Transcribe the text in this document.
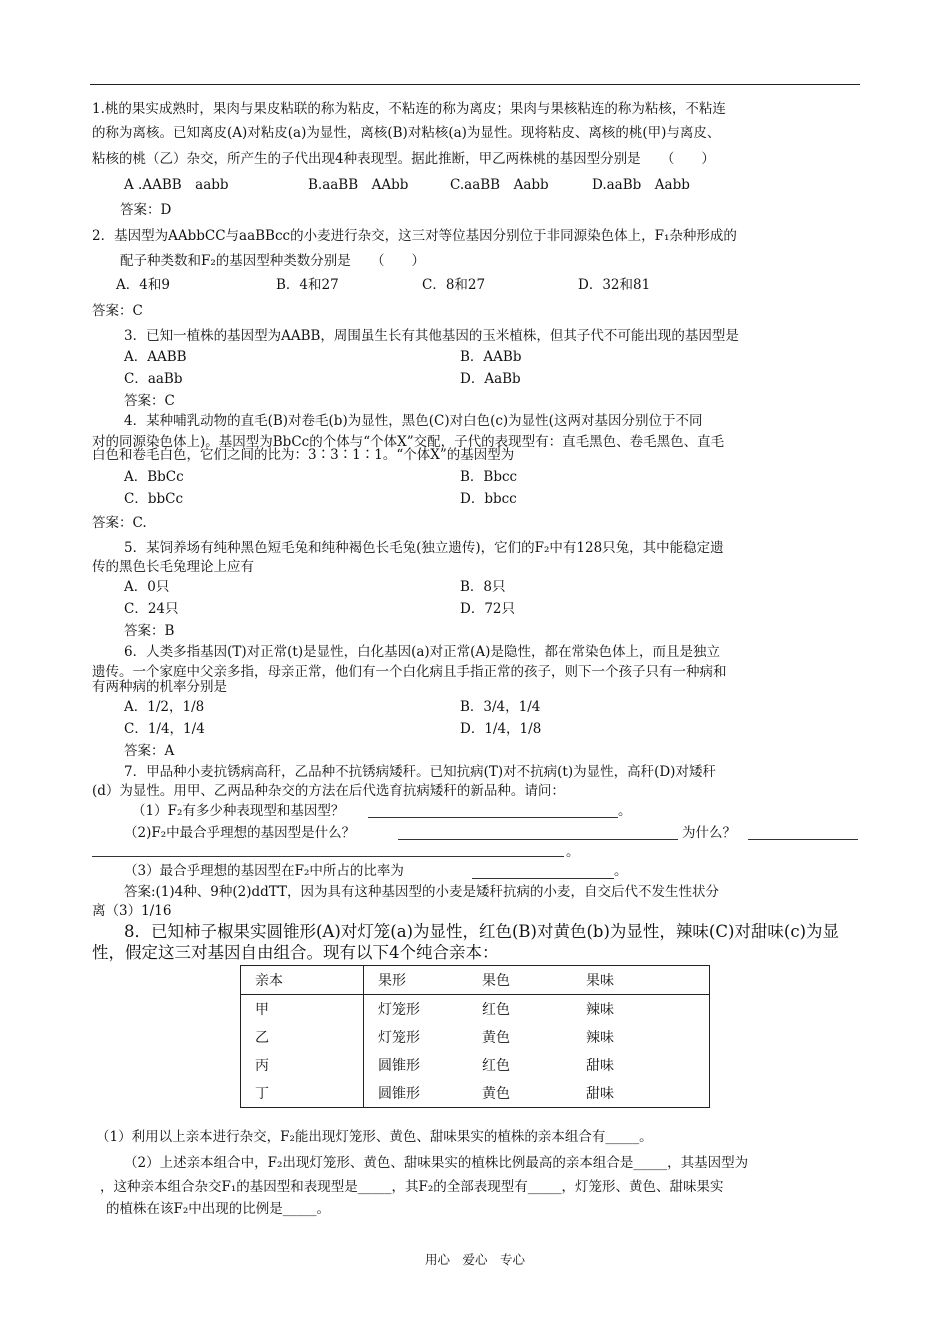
1.桃的果实成熟时，果肉与果皮粘联的称为粘皮，不粘连的称为离皮；果肉与果核粘连的称为粘核，不粘连
的称为离核。已知离皮(A)对粘皮(a)为显性，离核(B)对粘核(a)为显性。现将粘皮、离核的桃(甲)与离皮、
粘核的桃（乙）杂交，所产生的子代出现4种表现型。据此推断，甲乙两株桃的基因型分别是　　（　　）
A .AABB　aabb	B.aaBB　AAbb	C.aaBB　Aabb	D.aaBb　Aabb
答案：D
2．基因型为AAbbCC与aaBBcc的小麦进行杂交，这三对等位基因分别位于非同源染色体上，F₁杂种形成的
配子种类数和F₂的基因型种类数分别是　　（　　）
A．4和9	B．4和27	C．8和27	D．32和81
答案：C
3．已知一植株的基因型为AABB，周围虽生长有其他基因的玉米植株，但其子代不可能出现的基因型是
A．AABB	B．AABb
C．aaBb	D．AaBb
答案：C
4．某种哺乳动物的直毛(B)对卷毛(b)为显性，黑色(C)对白色(c)为显性(这两对基因分别位于不同
对的同源染色体上)。基因型为BbCc的个体与“个体X”交配，子代的表现型有：直毛黑色、卷毛黑色、直毛
白色和卷毛白色，它们之间的比为：3∶3∶1∶1。“个体X”的基因型为
A．BbCc	B．Bbcc
C．bbCc	D．bbcc
答案：C.
5．某饲养场有纯种黑色短毛兔和纯种褐色长毛兔(独立遗传)，它们的F₂中有128只兔，其中能稳定遗
传的黑色长毛兔理论上应有
A．0只	B．8只
C．24只	D．72只
答案：B
6．人类多指基因(T)对正常(t)是显性，白化基因(a)对正常(A)是隐性，都在常染色体上，而且是独立
遗传。一个家庭中父亲多指，母亲正常，他们有一个白化病且手指正常的孩子，则下一个孩子只有一种病和
有两种病的机率分别是
A．1/2，1/8	B．3/4，1/4
C．1/4，1/4	D．1/4，1/8
答案：A
7．甲品种小麦抗锈病高秆，乙品种不抗锈病矮秆。已知抗病(T)对不抗病(t)为显性，高秆(D)对矮秆
(d）为显性。用甲、乙两品种杂交的方法在后代选育抗病矮秆的新品种。请问：
（1）F₂有多少种表现型和基因型？	。
（2)F₂中最合乎理想的基因型是什么？	为什么？
。
（3）最合乎理想的基因型在F₂中所占的比率为	。
答案:(1)4种、9种(2)ddTT，因为具有这种基因型的小麦是矮秆抗病的小麦，自交后代不发生性状分
离（3）1/16
8．已知柿子椒果实圆锥形(A)对灯笼(a)为显性，红色(B)对黄色(b)为显性，辣味(C)对甜味(c)为显
性，假定这三对基因自由组合。现有以下4个纯合亲本：
亲本	果形	果色	果味
甲	灯笼形	红色	辣味
乙	灯笼形	黄色	辣味
丙	圆锥形	红色	甜味
丁	圆锥形	黄色	甜味
（1）利用以上亲本进行杂交，F₂能出现灯笼形、黄色、甜味果实的植株的亲本组合有_____。
（2）上述亲本组合中，F₂出现灯笼形、黄色、甜味果实的植株比例最高的亲本组合是_____，其基因型为
，这种亲本组合杂交F₁的基因型和表现型是_____，其F₂的全部表现型有_____，灯笼形、黄色、甜味果实
的植株在该F₂中出现的比例是_____。
用心　爱心　专心
